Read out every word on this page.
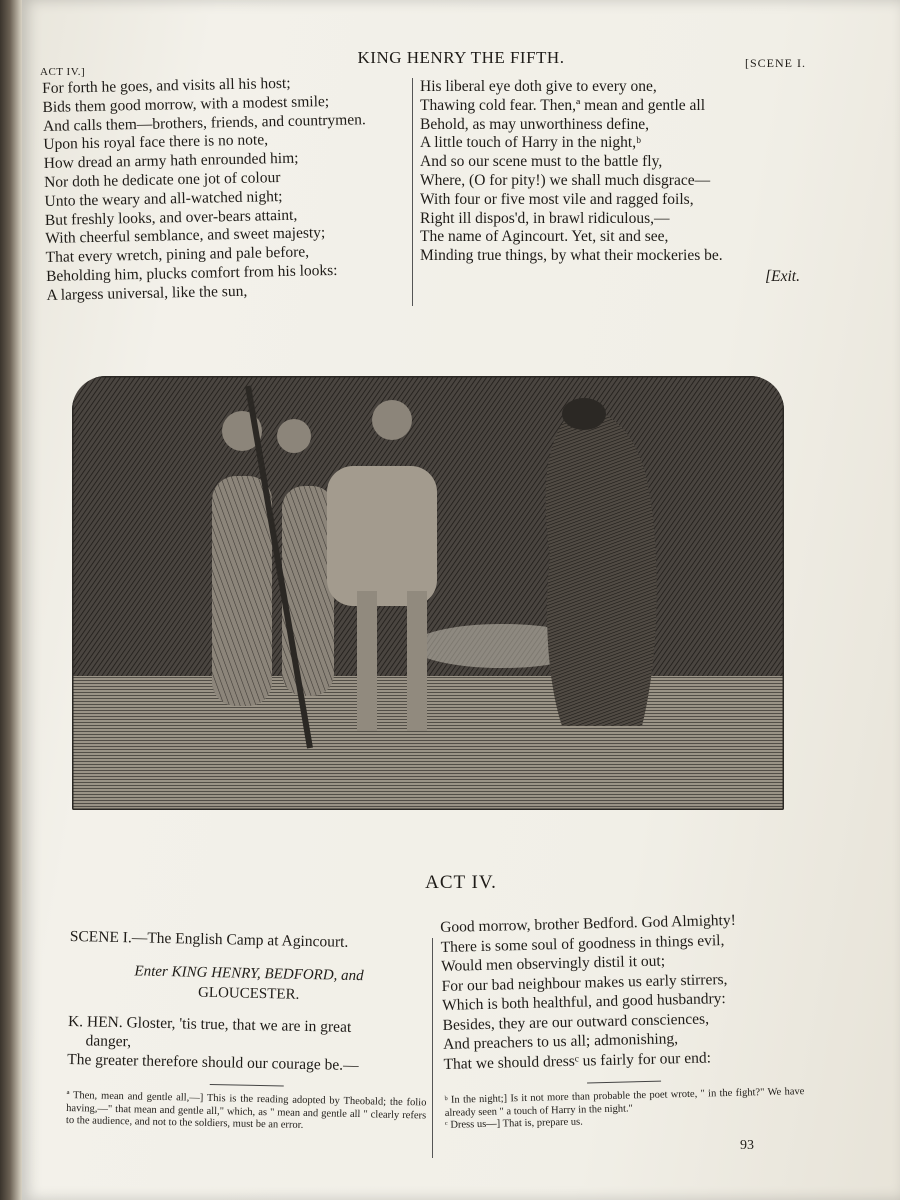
KING HENRY THE FIFTH.
ACT IV.]
[SCENE I.
For forth he goes, and visits all his host;
Bids them good morrow, with a modest smile;
And calls them—brothers, friends, and countrymen.
Upon his royal face there is no note,
How dread an army hath enrounded him;
Nor doth he dedicate one jot of colour
Unto the weary and all-watched night;
But freshly looks, and over-bears attaint,
With cheerful semblance, and sweet majesty;
That every wretch, pining and pale before,
Beholding him, plucks comfort from his looks:
A largess universal, like the sun,
His liberal eye doth give to every one,
Thawing cold fear. Then,ª mean and gentle all
Behold, as may unworthiness define,
A little touch of Harry in the night,ᵇ
And so our scene must to the battle fly,
Where, (O for pity!) we shall much disgrace—
With four or five most vile and ragged foils,
Right ill dispos'd, in brawl ridiculous,—
The name of Agincourt. Yet, sit and see,
Minding true things, by what their mockeries be.
[Exit.
ACT IV.
SCENE I.—The English Camp at Agincourt.
Enter KING HENRY, BEDFORD, and
GLOUCESTER.
K. HEN. Gloster, 'tis true, that we are in great
danger,
The greater therefore should our courage be.—
ª Then, mean and gentle all,—] This is the reading adopted by Theobald; the folio having,—" that mean and gentle all," which, as " mean and gentle all " clearly refers to the audience, and not to the soldiers, must be an error.
Good morrow, brother Bedford. God Almighty!
There is some soul of goodness in things evil,
Would men observingly distil it out;
For our bad neighbour makes us early stirrers,
Which is both healthful, and good husbandry:
Besides, they are our outward consciences,
And preachers to us all; admonishing,
That we should dressᶜ us fairly for our end:
ᵇ In the night;] Is it not more than probable the poet wrote, " in the fight?" We have already seen " a touch of Harry in the night."
ᶜ Dress us—] That is, prepare us.
93
